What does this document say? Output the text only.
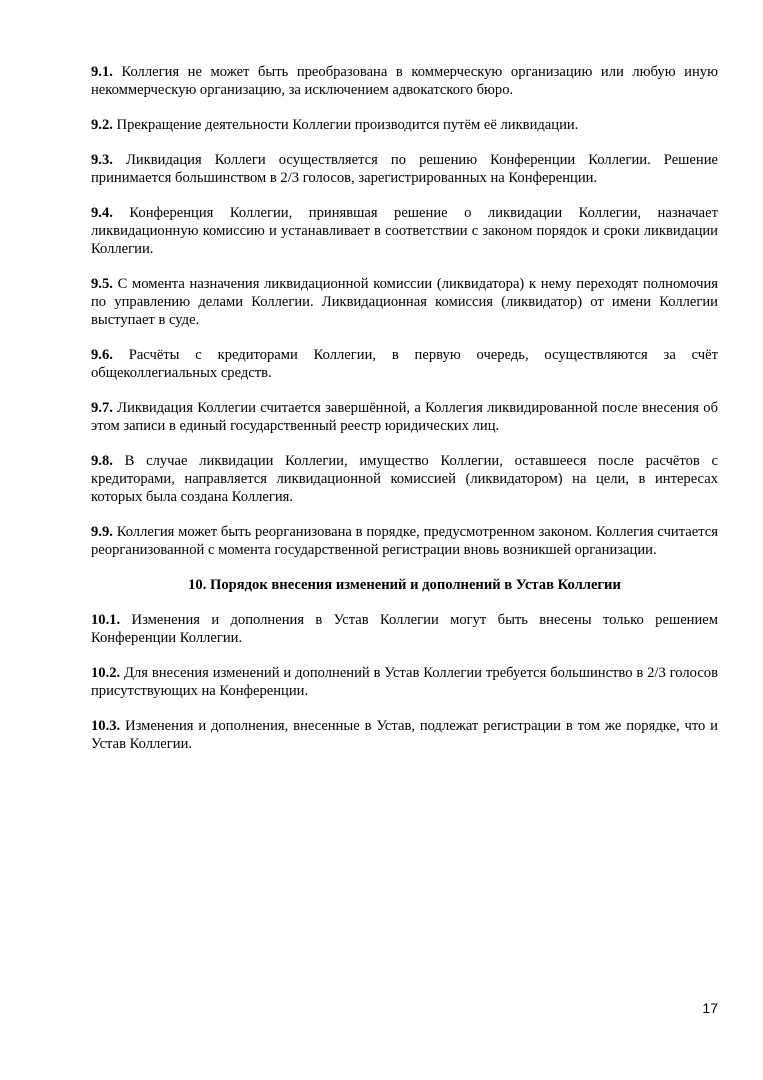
9.1. Коллегия не может быть преобразована в коммерческую организацию или любую иную некоммерческую организацию, за исключением адвокатского бюро.

9.2. Прекращение деятельности Коллегии производится путём её ликвидации.

9.3. Ликвидация Коллеги осуществляется по решению Конференции Коллегии. Решение принимается большинством в 2/3 голосов, зарегистрированных на Конференции.

9.4. Конференция Коллегии, принявшая решение о ликвидации Коллегии, назначает ликвидационную комиссию и устанавливает в соответствии с законом порядок и сроки ликвидации Коллегии.

9.5. С момента назначения ликвидационной комиссии (ликвидатора) к нему переходят полномочия по управлению делами Коллегии. Ликвидационная комиссия (ликвидатор) от имени Коллегии выступает в суде.

9.6. Расчёты с кредиторами Коллегии, в первую очередь, осуществляются за счёт общеколлегиальных средств.

9.7. Ликвидация Коллегии считается завершённой, а Коллегия ликвидированной после внесения об этом записи в единый государственный реестр юридических лиц.

9.8. В случае ликвидации Коллегии, имущество Коллегии, оставшееся после расчётов с кредиторами, направляется ликвидационной комиссией (ликвидатором) на цели, в интересах которых была создана Коллегия.

9.9. Коллегия может быть реорганизована в порядке, предусмотренном законом. Коллегия считается реорганизованной с момента государственной регистрации вновь возникшей организации.

10. Порядок внесения изменений и дополнений в Устав Коллегии

10.1. Изменения и дополнения в Устав Коллегии могут быть внесены только решением Конференции Коллегии.

10.2. Для внесения изменений и дополнений в Устав Коллегии требуется большинство в 2/3 голосов присутствующих на Конференции.

10.3. Изменения и дополнения, внесенные в Устав, подлежат регистрации в том же порядке, что и Устав Коллегии.

17
